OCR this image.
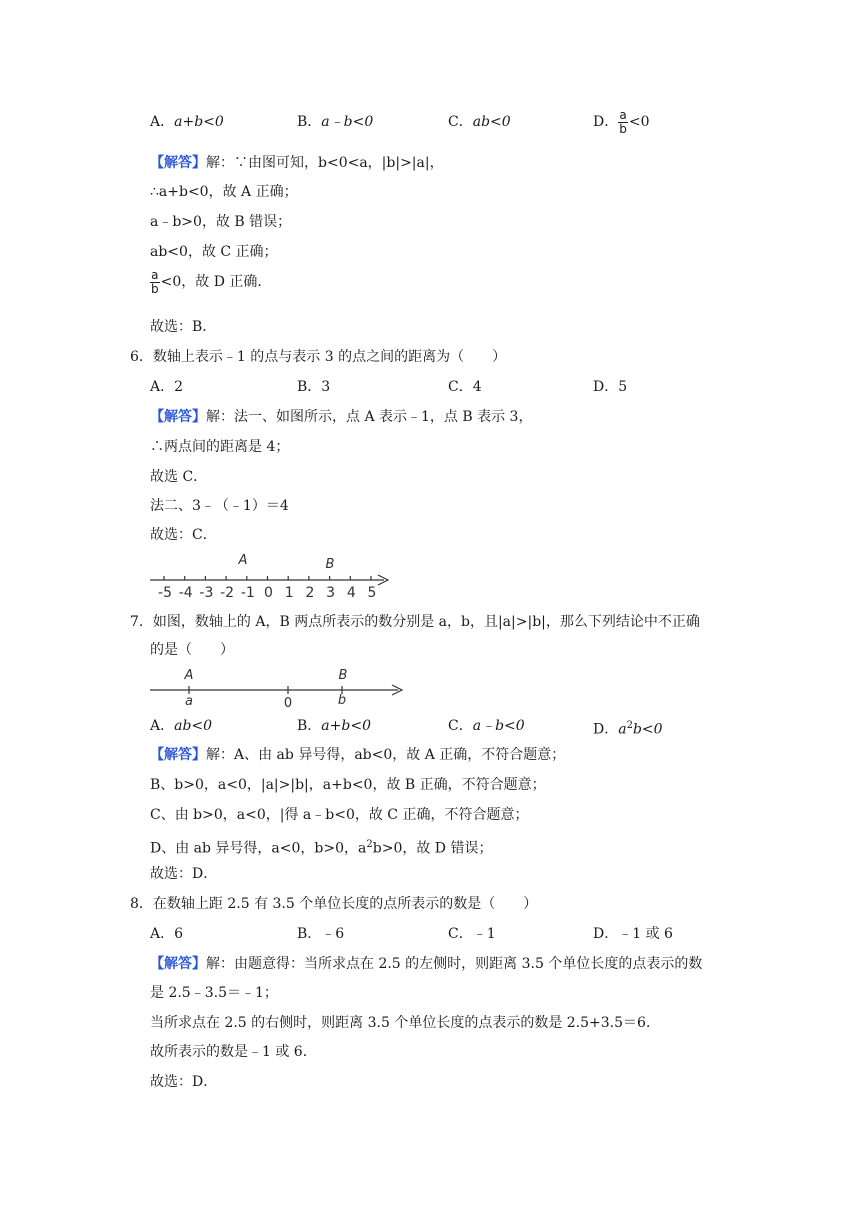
A．a+b<0	B．a﹣b<0	C．ab<0	D． $\frac{a}{b} <0$
【解答】解：∵由图可知，b<0<a，|b|>|a|，
∴a+b<0，故 A 正确；
a﹣b>0，故 B 错误；
ab<0，故 C 正确；
$\frac{a}{b} <0$，故 D 正确．
故选：B．
6．数轴上表示﹣1 的点与表示 3 的点之间的距离为（　　）
A．2	B．3	C．4	D．5
【解答】解：法一、如图所示，点 A 表示﹣1，点 B 表示 3，
∴两点间的距离是 4；
故选 C．
法二、3﹣（﹣1）＝4
故选：C．
-5 -4 -3 -2 -1 0 1 2 3 4 5
A	B
7．如图，数轴上的 A，B 两点所表示的数分别是 a，b，且|a|>|b|，那么下列结论中不正确
的是（　　）
A
a	0
B
b
A．ab<0	B．a+b<0	C．a﹣b<0	D．$a^2b<0$
【解答】解：A、由 ab 异号得，ab<0，故 A 正确，不符合题意；
B、b>0，a<0，|a|>|b|，a+b<0，故 B 正确，不符合题意；
C、由 b>0，a<0，|得 a﹣b<0，故 C 正确，不符合题意；
D、由 ab 异号得，a<0，b>0，$a^2b>0$，故 D 错误；
故选：D．
8．在数轴上距 2.5 有 3.5 个单位长度的点所表示的数是（　　）
A．6	B．﹣6	C．﹣1	D．﹣1 或 6
【解答】解：由题意得：当所求点在 2.5 的左侧时，则距离 3.5 个单位长度的点表示的数
是 2.5﹣3.5＝﹣1；
当所求点在 2.5 的右侧时，则距离 3.5 个单位长度的点表示的数是 2.5+3.5＝6．
故所表示的数是﹣1 或 6．
故选：D．
